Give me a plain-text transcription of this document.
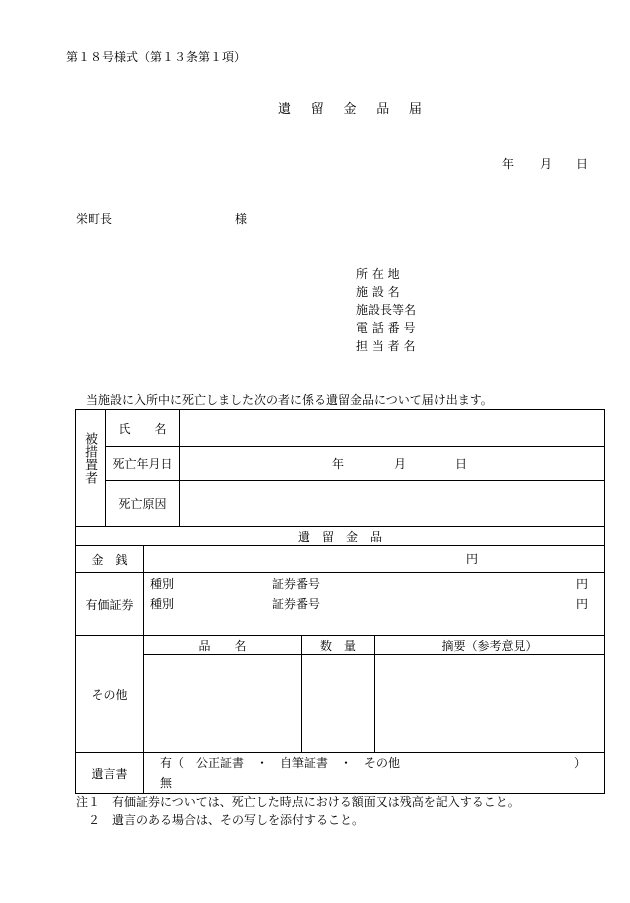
第１８号様式（第１３条第１項）
遺 留 金 品 届
年 月 日
栄町長	様
所 在 地
施 設 名
施設長等名
電 話 番 号
担 当 者 名
当施設に入所中に死亡しました次の者に係る遺留金品について届け出ます。
被措置者
氏　　名
死亡年月日	年	月	日
死亡原因
遺　留　金　品
金　銭	円
有価証券
種別	証券番号	円
種別	証券番号	円
その他
品　　名	数　量	摘要（参考意見）
遺言書
有（　公正証書　・　自筆証書　・　その他	）
無
注１　有価証券については、死亡した時点における額面又は残高を記入すること。
　２　遺言のある場合は、その写しを添付すること。
